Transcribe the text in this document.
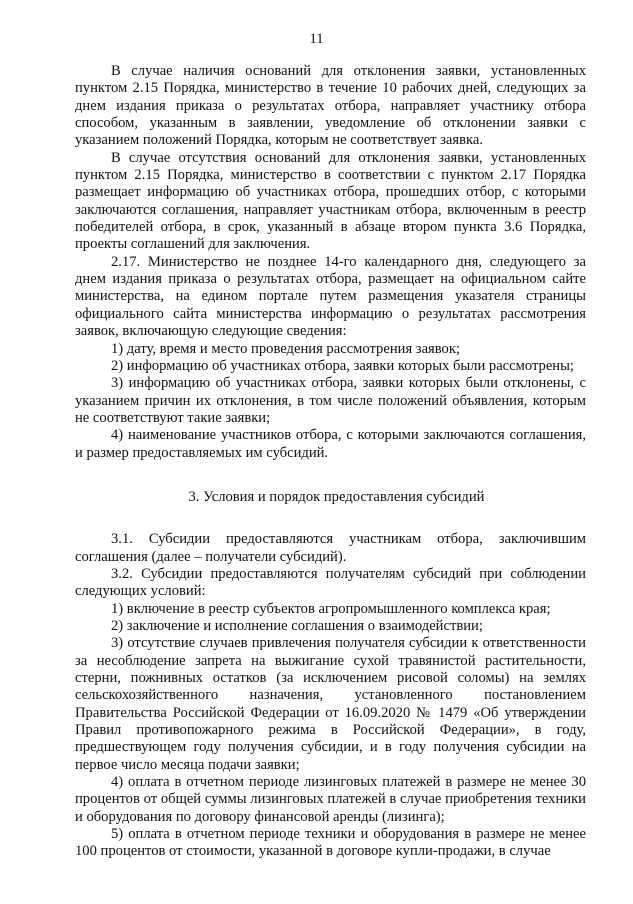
11

В случае наличия оснований для отклонения заявки, установленных пунктом 2.15 Порядка, министерство в течение 10 рабочих дней, следующих за днем издания приказа о результатах отбора, направляет участнику отбора способом, указанным в заявлении, уведомление об отклонении заявки с указанием положений Порядка, которым не соответствует заявка.

В случае отсутствия оснований для отклонения заявки, установленных пунктом 2.15 Порядка, министерство в соответствии с пунктом 2.17 Порядка размещает информацию об участниках отбора, прошедших отбор, с которыми заключаются соглашения, направляет участникам отбора, включенным в реестр победителей отбора, в срок, указанный в абзаце втором пункта 3.6 Порядка, проекты соглашений для заключения.

2.17. Министерство не позднее 14-го календарного дня, следующего за днем издания приказа о результатах отбора, размещает на официальном сайте министерства, на едином портале путем размещения указателя страницы официального сайта министерства информацию о результатах рассмотрения заявок, включающую следующие сведения:

1) дату, время и место проведения рассмотрения заявок;

2) информацию об участниках отбора, заявки которых были рассмотрены;

3) информацию об участниках отбора, заявки которых были отклонены, с указанием причин их отклонения, в том числе положений объявления, которым не соответствуют такие заявки;

4) наименование участников отбора, с которыми заключаются соглашения, и размер предоставляемых им субсидий.

3. Условия и порядок предоставления субсидий

3.1. Субсидии предоставляются участникам отбора, заключившим соглашения (далее – получатели субсидий).

3.2. Субсидии предоставляются получателям субсидий при соблюдении следующих условий:

1) включение в реестр субъектов агропромышленного комплекса края;

2) заключение и исполнение соглашения о взаимодействии;

3) отсутствие случаев привлечения получателя субсидии к ответственности за несоблюдение запрета на выжигание сухой травянистой растительности, стерни, пожнивных остатков (за исключением рисовой соломы) на землях сельскохозяйственного назначения, установленного постановлением Правительства Российской Федерации от 16.09.2020 № 1479 «Об утверждении Правил противопожарного режима в Российской Федерации», в году, предшествующем году получения субсидии, и в году получения субсидии на первое число месяца подачи заявки;

4) оплата в отчетном периоде лизинговых платежей в размере не менее 30 процентов от общей суммы лизинговых платежей в случае приобретения техники и оборудования по договору финансовой аренды (лизинга);

5) оплата в отчетном периоде техники и оборудования в размере не менее 100 процентов от стоимости, указанной в договоре купли-продажи, в случае
